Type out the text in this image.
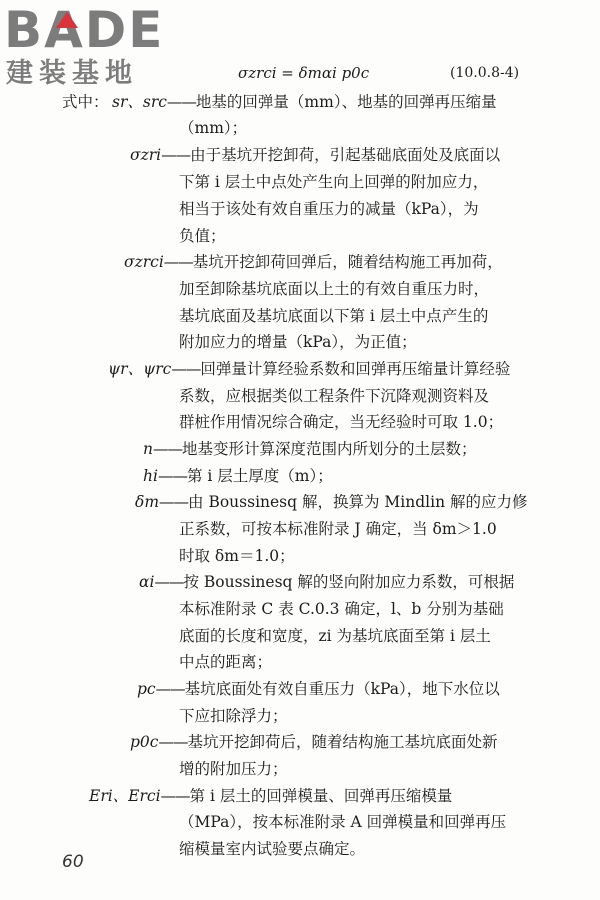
BADE
建装基地	σzrci = δmαi p0c	(10.0.8-4)
式中： sr、src——地基的回弹量（mm）、地基的回弹再压缩量
（mm）；
σzri——由于基坑开挖卸荷，引起基础底面处及底面以
下第 i 层土中点处产生向上回弹的附加应力，
相当于该处有效自重压力的减量（kPa），为
负值；
σzrci——基坑开挖卸荷回弹后，随着结构施工再加荷，
加至卸除基坑底面以上土的有效自重压力时，
基坑底面及基坑底面以下第 i 层土中点产生的
附加应力的增量（kPa），为正值；
ψr、ψrc——回弹量计算经验系数和回弹再压缩量计算经验
系数，应根据类似工程条件下沉降观测资料及
群桩作用情况综合确定，当无经验时可取 1.0；
n——地基变形计算深度范围内所划分的土层数；
hi——第 i 层土厚度（m）；
δm——由 Boussinesq 解，换算为 Mindlin 解的应力修
正系数，可按本标准附录 J 确定，当 δm＞1.0
时取 δm＝1.0；
αi——按 Boussinesq 解的竖向附加应力系数，可根据
本标准附录 C 表 C.0.3 确定，l、b 分别为基础
底面的长度和宽度，zi 为基坑底面至第 i 层土
中点的距离；
pc——基坑底面处有效自重压力（kPa），地下水位以
下应扣除浮力；
p0c——基坑开挖卸荷后，随着结构施工基坑底面处新
增的附加压力；
Eri、Erci——第 i 层土的回弹模量、回弹再压缩模量
（MPa），按本标准附录 A 回弹模量和回弹再压
缩模量室内试验要点确定。
60
